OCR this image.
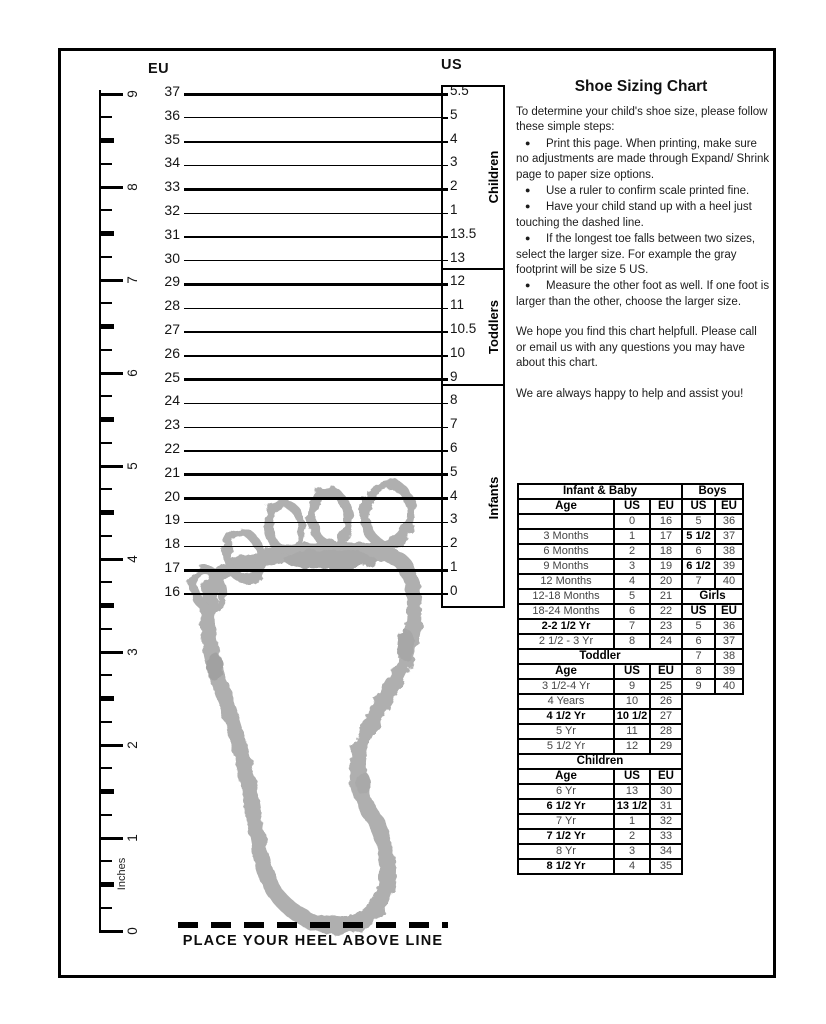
EU	US
Shoe Sizing Chart

To determine your child's shoe size, please follow these simple steps:

● Print this page. When printing, make sure no adjustments are made through Expand/ Shrink page to paper size options.

● Use a ruler to confirm scale printed fine.

● Have your child stand up with a heel just touching the dashed line.

● If the longest toe falls between two sizes, select the larger size. For example the gray footprint will be size 5 US.

● Measure the other foot as well. If one foot is larger than the other, choose the larger size.

We hope you find this chart helpfull. Please call or email us with any questions you may have about this chart.

We are always happy to help and assist you!

37	5.5
36	5
35	4
34	3
33	2
32	1
31	13.5
30	13
29	12
28	11
27	10.5
26	10
25	9
24	8
23	7
22	6
21	5
20	4
19	3
18	2
17	1
16	0
Children
Toddlers
Infants
Inches
9
8
7
6
5
4
3
2
1
0
PLACE YOUR HEEL ABOVE LINE
Infant & Baby			Boys	
Age	US	EU	US	EU
	0	16	5	36
3 Months	1	17	5 1/2	37
6 Months	2	18	6	38
9 Months	3	19	6 1/2	39
12 Months	4	20	7	40
12-18 Months	5	21	Girls	
18-24 Months	6	22	US	EU
2-2 1/2 Yr	7	23	5	36
2 1/2 - 3 Yr	8	24	6	37
Toddler			7	38
Age	US	EU	8	39
3 1/2-4 Yr	9	25	9	40
4 Years	10	26		
4 1/2 Yr	10 1/2	27		
5 Yr	11	28		
5 1/2 Yr	12	29		
Children				
Age	US	EU		
6 Yr	13	30		
6 1/2 Yr	13 1/2	31		
7 Yr	1	32		
7 1/2 Yr	2	33		
8 Yr	3	34		
8 1/2 Yr	4	35		
